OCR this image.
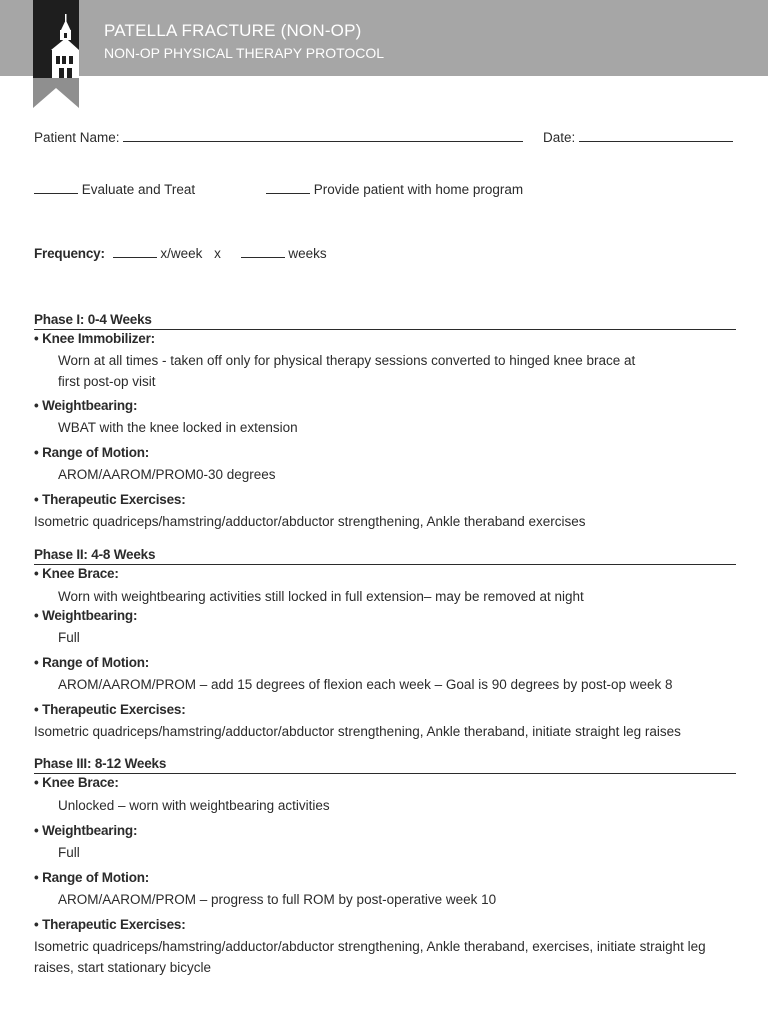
PATELLA FRACTURE (NON-OP)
NON-OP PHYSICAL THERAPY PROTOCOL
Patient Name:	Date:
Evaluate and Treat	Provide patient with home program
Frequency:	x/week x	weeks
Phase I: 0-4 Weeks
• Knee Immobilizer:
Worn at all times - taken off only for physical therapy sessions converted to hinged knee brace at
first post-op visit
• Weightbearing:
WBAT with the knee locked in extension
• Range of Motion:
AROM/AAROM/PROM0-30 degrees
• Therapeutic Exercises:
Isometric quadriceps/hamstring/adductor/abductor strengthening, Ankle theraband exercises
Phase II: 4-8 Weeks
• Knee Brace:
Worn with weightbearing activities still locked in full extension– may be removed at night
• Weightbearing:
Full
• Range of Motion:
AROM/AAROM/PROM – add 15 degrees of flexion each week – Goal is 90 degrees by post-op week 8
• Therapeutic Exercises:
Isometric quadriceps/hamstring/adductor/abductor strengthening, Ankle theraband, initiate straight leg raises
Phase III: 8-12 Weeks
• Knee Brace:
Unlocked – worn with weightbearing activities
• Weightbearing:
Full
• Range of Motion:
AROM/AAROM/PROM – progress to full ROM by post-operative week 10
• Therapeutic Exercises:
Isometric quadriceps/hamstring/adductor/abductor strengthening, Ankle theraband, exercises, initiate straight leg
raises, start stationary bicycle
